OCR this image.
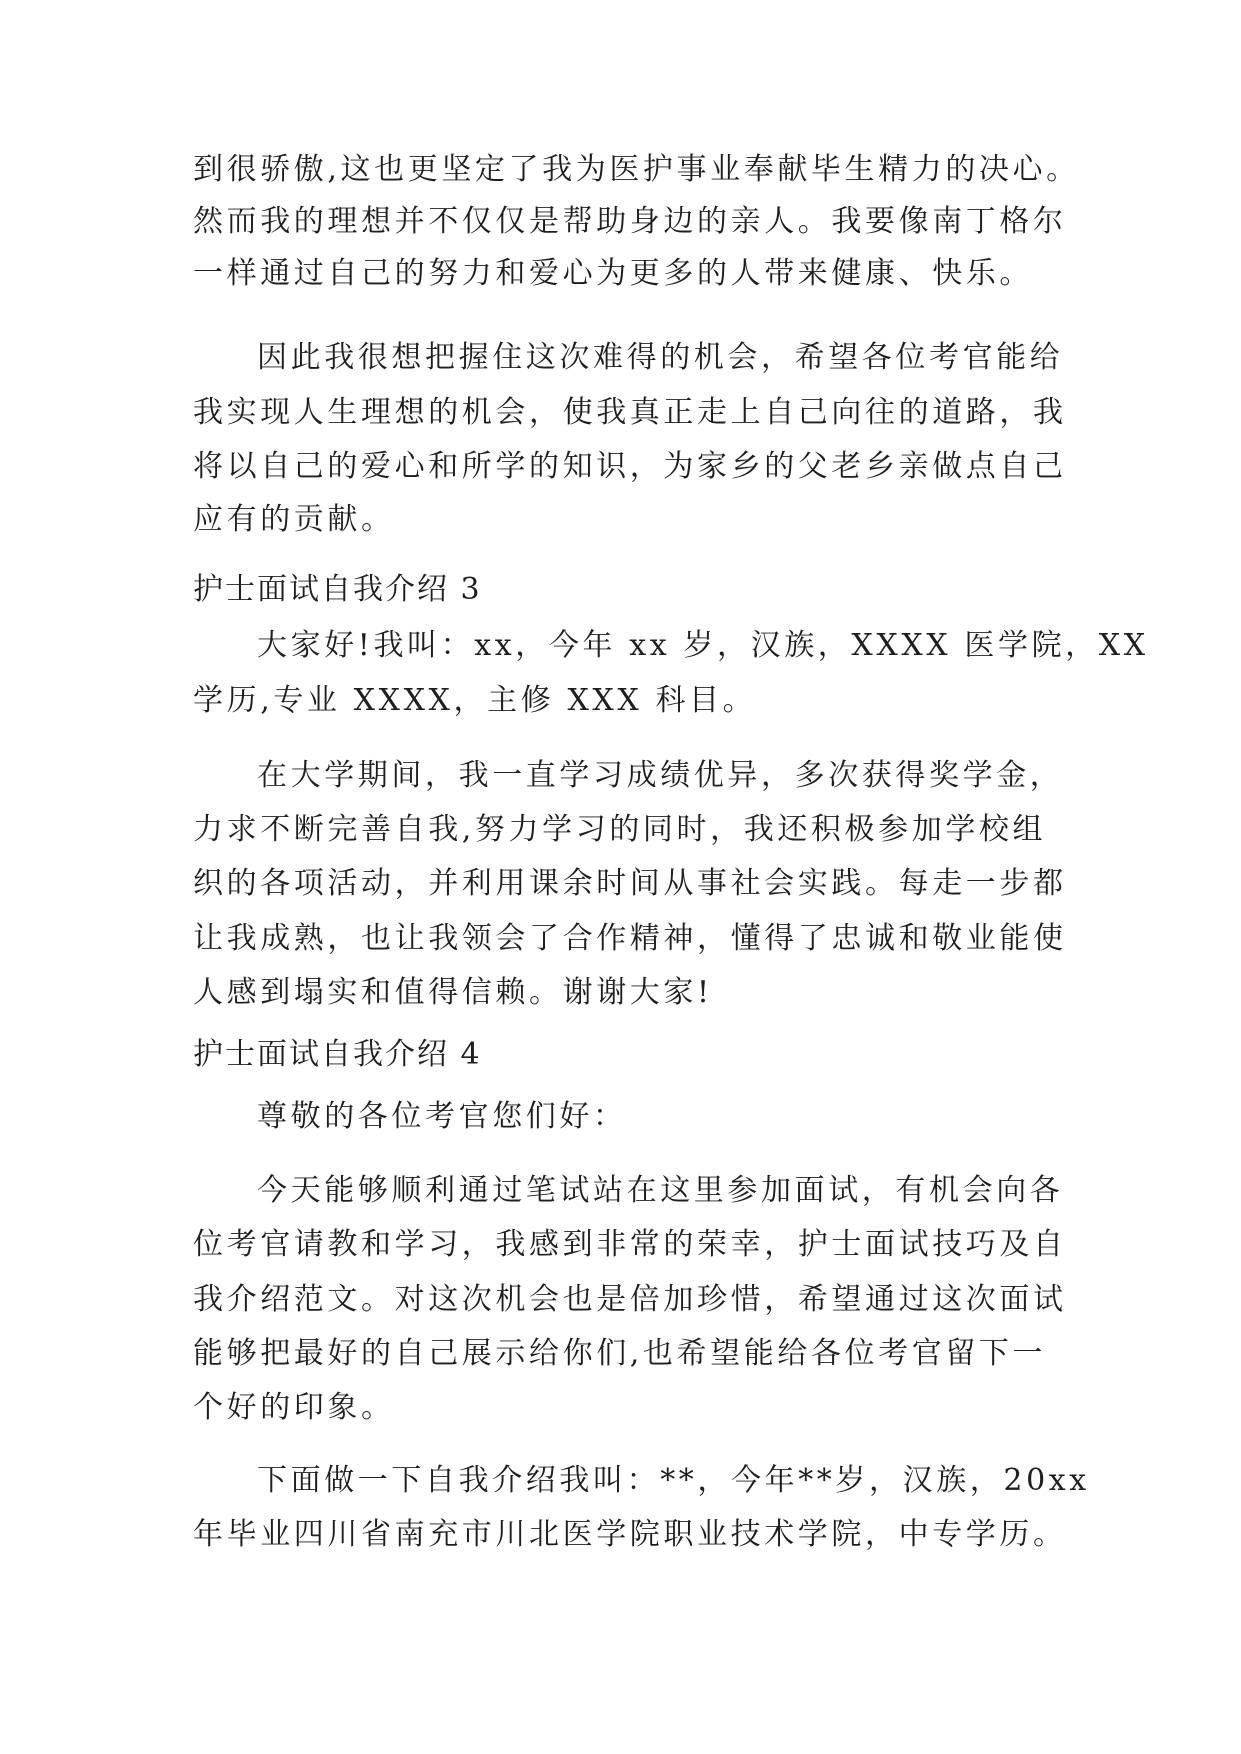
到很骄傲,这也更坚定了我为医护事业奉献毕生精力的决心。
然而我的理想并不仅仅是帮助身边的亲人。我要像南丁格尔
一样通过自己的努力和爱心为更多的人带来健康、快乐。
因此我很想把握住这次难得的机会，希望各位考官能给
我实现人生理想的机会，使我真正走上自己向往的道路，我
将以自己的爱心和所学的知识，为家乡的父老乡亲做点自己
应有的贡献。
护士面试自我介绍 3
大家好!我叫：xx，今年 xx 岁，汉族，XXXX 医学院，XX
学历,专业 XXXX，主修 XXX 科目。
在大学期间，我一直学习成绩优异，多次获得奖学金，
力求不断完善自我,努力学习的同时，我还积极参加学校组
织的各项活动，并利用课余时间从事社会实践。每走一步都
让我成熟，也让我领会了合作精神，懂得了忠诚和敬业能使
人感到塌实和值得信赖。谢谢大家!
护士面试自我介绍 4
尊敬的各位考官您们好：
今天能够顺利通过笔试站在这里参加面试，有机会向各
位考官请教和学习，我感到非常的荣幸，护士面试技巧及自
我介绍范文。对这次机会也是倍加珍惜，希望通过这次面试
能够把最好的自己展示给你们,也希望能给各位考官留下一
个好的印象。
下面做一下自我介绍我叫：**，今年**岁，汉族，20xx
年毕业四川省南充市川北医学院职业技术学院，中专学历。
